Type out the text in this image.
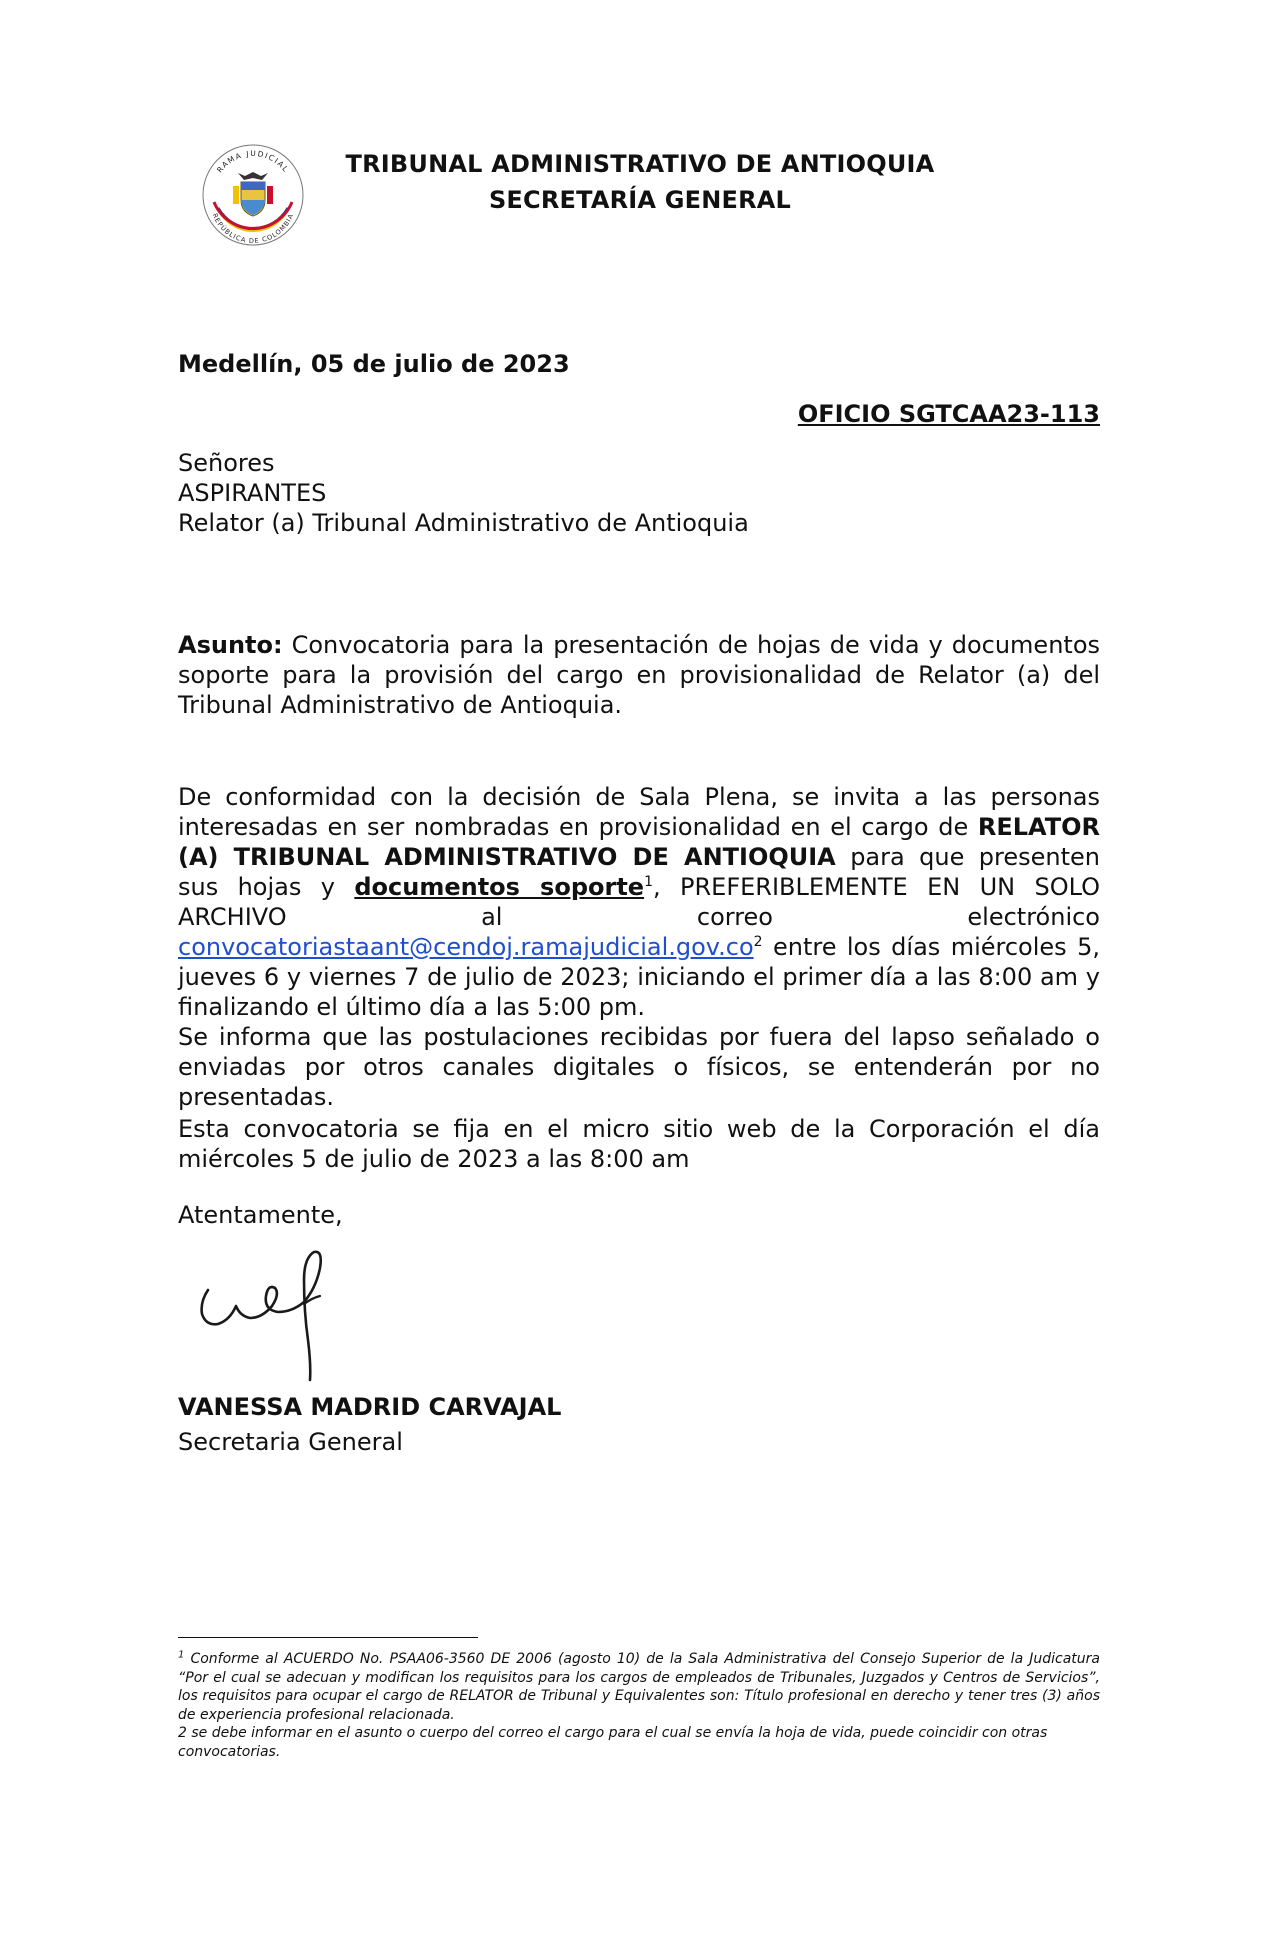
RAMA JUDICIAL
REPÚBLICA DE COLOMBIA
TRIBUNAL ADMINISTRATIVO DE ANTIOQUIA
SECRETARÍA GENERAL
Medellín, 05 de julio de 2023
OFICIO SGTCAA23-113
Señores
ASPIRANTES
Relator (a) Tribunal Administrativo de Antioquia
Asunto: Convocatoria para la presentación de hojas de vida y documentos soporte para la provisión del cargo en provisionalidad de Relator (a) del Tribunal Administrativo de Antioquia.
De conformidad con la decisión de Sala Plena, se invita a las personas interesadas en ser nombradas en provisionalidad en el cargo de RELATOR (A) TRIBUNAL ADMINISTRATIVO DE ANTIOQUIA para que presenten sus hojas y documentos soporte$^1$, PREFERIBLEMENTE EN UN SOLO ARCHIVO al correo electrónico $convocatoriastaant@cendoj.ramajudicial.gov.co^2$ entre los días miércoles 5, jueves 6 y viernes 7 de julio de 2023; iniciando el primer día a las 8:00 am y finalizando el último día a las 5:00 pm.
Se informa que las postulaciones recibidas por fuera del lapso señalado o enviadas por otros canales digitales o físicos, se entenderán por no presentadas.
Esta convocatoria se fija en el micro sitio web de la Corporación el día miércoles 5 de julio de 2023 a las 8:00 am
Atentamente,
VANESSA MADRID CARVAJAL
Secretaria General

$^1$ Conforme al ACUERDO No. PSAA06-3560 DE 2006 (agosto 10) de la Sala Administrativa del Consejo Superior de la Judicatura “Por el cual se adecuan y modifican los requisitos para los cargos de empleados de Tribunales, Juzgados y Centros de Servicios”, los requisitos para ocupar el cargo de RELATOR de Tribunal y Equivalentes son: Título profesional en derecho y tener tres (3) años de experiencia profesional relacionada.

2 se debe informar en el asunto o cuerpo del correo el cargo para el cual se envía la hoja de vida, puede coincidir con otras convocatorias.
